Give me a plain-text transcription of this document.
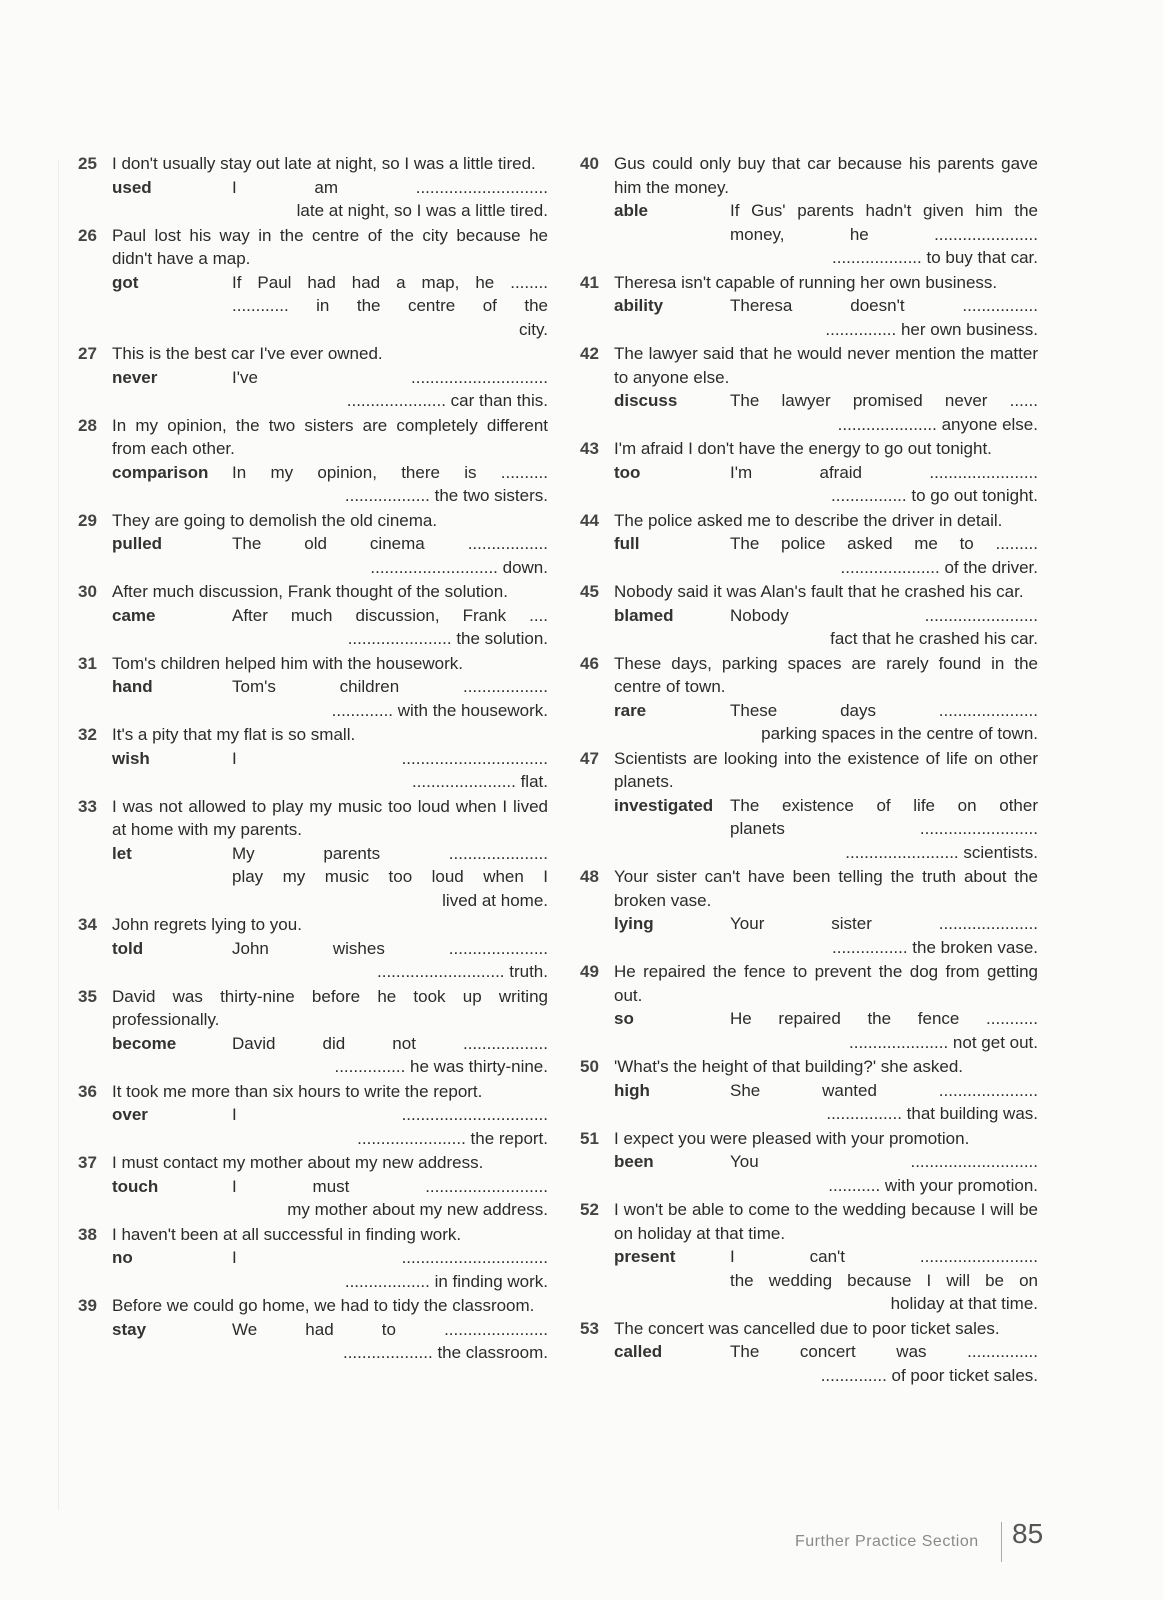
25 I don't usually stay out late at night, so I was a little tired.
used	I am ............................
late at night, so I was a little tired.
26 Paul lost his way in the centre of the city because he didn't have a map.
got	If Paul had had a map, he ........
............ in the centre of the
city.
27 This is the best car I've ever owned.
never	I've .............................
..................... car than this.
28 In my opinion, the two sisters are completely different from each other.
comparison	In my opinion, there is ..........
.................. the two sisters.
29 They are going to demolish the old cinema.
pulled	The old cinema .................
........................... down.
30 After much discussion, Frank thought of the solution.
came	After much discussion, Frank ....
...................... the solution.
31 Tom's children helped him with the housework.
hand	Tom's children ..................
............. with the housework.
32 It's a pity that my flat is so small.
wish	I ...............................
...................... flat.
33 I was not allowed to play my music too loud when I lived at home with my parents.
let	My parents .....................
play my music too loud when I
lived at home.
34 John regrets lying to you.
told	John wishes .....................
........................... truth.
35 David was thirty-nine before he took up writing professionally.
become	David did not ..................
............... he was thirty-nine.
36 It took me more than six hours to write the report.
over	I ...............................
....................... the report.
37 I must contact my mother about my new address.
touch	I must ..........................
my mother about my new address.
38 I haven't been at all successful in finding work.
no	I ...............................
.................. in finding work.
39 Before we could go home, we had to tidy the classroom.
stay	We had to ......................
................... the classroom.
40 Gus could only buy that car because his parents gave him the money.
able	If Gus' parents hadn't given him the
money, he ......................
................... to buy that car.
41 Theresa isn't capable of running her own business.
ability	Theresa doesn't ................
............... her own business.
42 The lawyer said that he would never mention the matter to anyone else.
discuss	The lawyer promised never ......
..................... anyone else.
43 I'm afraid I don't have the energy to go out tonight.
too	I'm afraid .......................
................ to go out tonight.
44 The police asked me to describe the driver in detail.
full	The police asked me to .........
..................... of the driver.
45 Nobody said it was Alan's fault that he crashed his car.
blamed	Nobody ........................
fact that he crashed his car.
46 These days, parking spaces are rarely found in the centre of town.
rare	These days .....................
parking spaces in the centre of town.
47 Scientists are looking into the existence of life on other planets.
investigated The existence of life on other
planets .........................
........................ scientists.
48 Your sister can't have been telling the truth about the broken vase.
lying	Your sister .....................
................ the broken vase.
49 He repaired the fence to prevent the dog from getting out.
so	He repaired the fence ...........
..................... not get out.
50 'What's the height of that building?' she asked.
high	She wanted .....................
................ that building was.
51 I expect you were pleased with your promotion.
been	You ...........................
........... with your promotion.
52 I won't be able to come to the wedding because I will be on holiday at that time.
present	I can't .........................
the wedding because I will be on
holiday at that time.
53 The concert was cancelled due to poor ticket sales.
called	The concert was ...............
.............. of poor ticket sales.
Further Practice Section 85
